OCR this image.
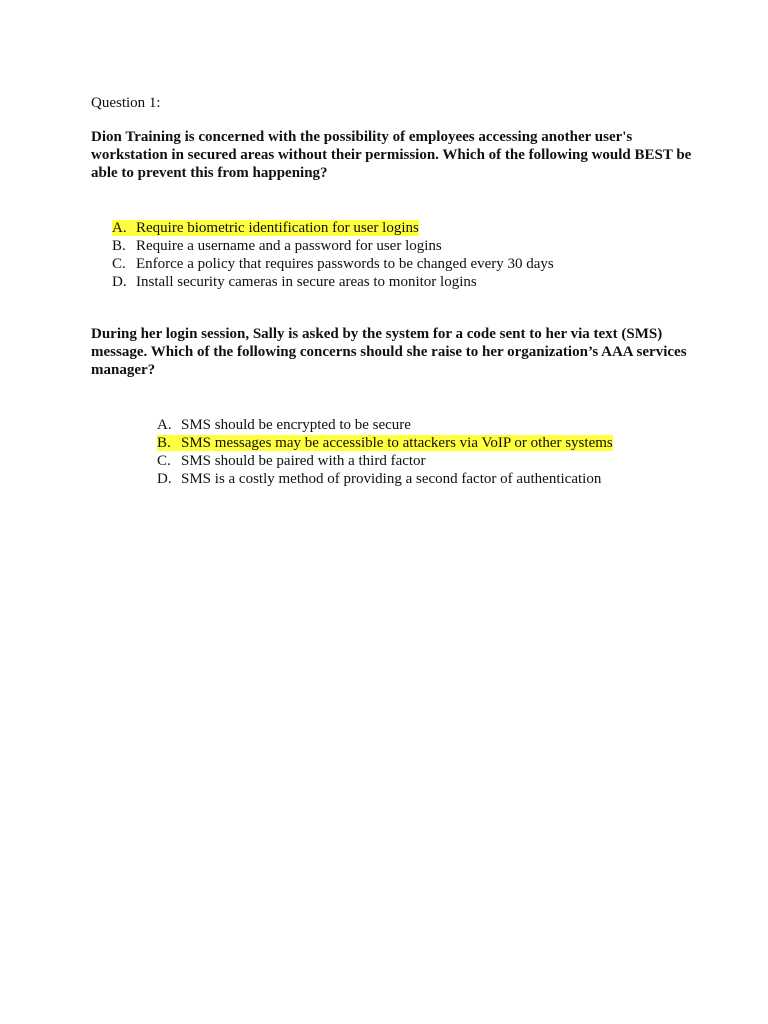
Question 1:

Dion Training is concerned with the possibility of employees accessing another user's workstation in secured areas without their permission. Which of the following would BEST be able to prevent this from happening?

A. Require biometric identification for user logins
B. Require a username and a password for user logins
C. Enforce a policy that requires passwords to be changed every 30 days
D. Install security cameras in secure areas to monitor logins

During her login session, Sally is asked by the system for a code sent to her via text (SMS) message. Which of the following concerns should she raise to her organization’s AAA services manager?

A. SMS should be encrypted to be secure
B. SMS messages may be accessible to attackers via VoIP or other systems
C. SMS should be paired with a third factor
D. SMS is a costly method of providing a second factor of authentication
